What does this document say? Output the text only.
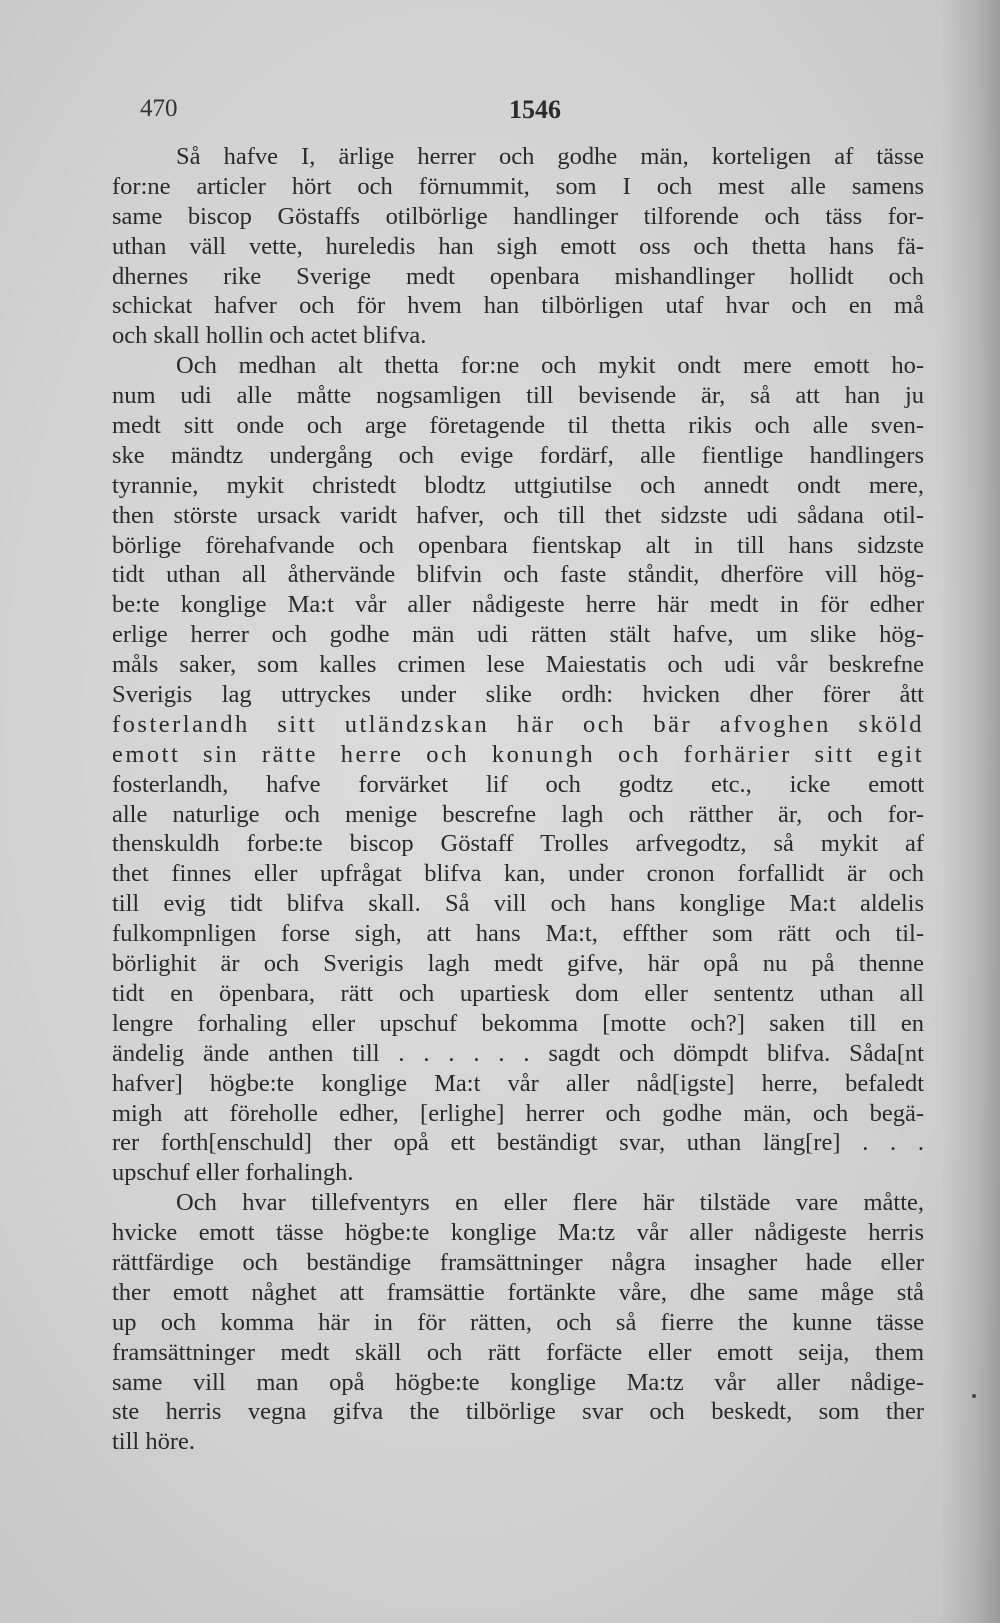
470	1546
Så hafve I, ärlige herrer och godhe män, korteligen af tässe
for:ne articler hört och förnummit, som I och mest alle samens
same biscop Göstaffs otilbörlige handlinger tilforende och täss for-
uthan väll vette, hureledis han sigh emott oss och thetta hans fä-
dhernes rike Sverige medt openbara mishandlinger hollidt och
schickat hafver och för hvem han tilbörligen utaf hvar och en må
och skall hollin och actet blifva.
Och medhan alt thetta for:ne och mykit ondt mere emott ho-
num udi alle måtte nogsamligen till bevisende är, så att han ju
medt sitt onde och arge företagende til thetta rikis och alle sven-
ske mändtz undergång och evige fordärf, alle fientlige handlingers
tyrannie, mykit christedt blodtz uttgiutilse och annedt ondt mere,
then störste ursack varidt hafver, och till thet sidzste udi sådana otil-
börlige förehafvande och openbara fientskap alt in till hans sidzste
tidt uthan all åthervände blifvin och faste ståndit, dherföre vill hög-
be:te konglige Ma:t vår aller nådigeste herre här medt in för edher
erlige herrer och godhe män udi rätten stält hafve, um slike hög-
måls saker, som kalles crimen lese Maiestatis och udi vår beskrefne
Sverigis lag uttryckes under slike ordh: hvicken dher förer ått
fosterlandh sitt utländzskan här och bär afvoghen sköld
emott sin rätte herre och konungh och forhärier sitt egit
fosterlandh, hafve forvärket lif och godtz etc., icke emott
alle naturlige och menige bescrefne lagh och rätther är, och for-
thenskuldh forbe:te biscop Göstaff Trolles arfvegodtz, så mykit af
thet finnes eller upfrågat blifva kan, under cronon forfallidt är och
till evig tidt blifva skall. Så vill och hans konglige Ma:t aldelis
fulkompnligen forse sigh, att hans Ma:t, effther som rätt och til-
börlighit är och Sverigis lagh medt gifve, här opå nu på thenne
tidt en öpenbara, rätt och upartiesk dom eller sententz uthan all
lengre forhaling eller upschuf bekomma [motte och?] saken till en
ändelig ände anthen till . . . . . . sagdt och dömpdt blifva. Såda[nt
hafver] högbe:te konglige Ma:t vår aller nåd[igste] herre, befaledt
migh att föreholle edher, [erlighe] herrer och godhe män, och begä-
rer forth[enschuld] ther opå ett beständigt svar, uthan läng[re] . . .
upschuf eller forhalingh.
Och hvar tillefventyrs en eller flere här tilstäde vare måtte,
hvicke emott tässe högbe:te konglige Ma:tz vår aller nådigeste herris
rättfärdige och beständige framsättninger några insagher hade eller
ther emott någhet att framsättie fortänkte våre, dhe same måge stå
up och komma här in för rätten, och så fierre the kunne tässe
framsättninger medt skäll och rätt forfäcte eller emott seija, them
same vill man opå högbe:te konglige Ma:tz vår aller nådige-
ste herris vegna gifva the tilbörlige svar och beskedt, som ther
till höre.
